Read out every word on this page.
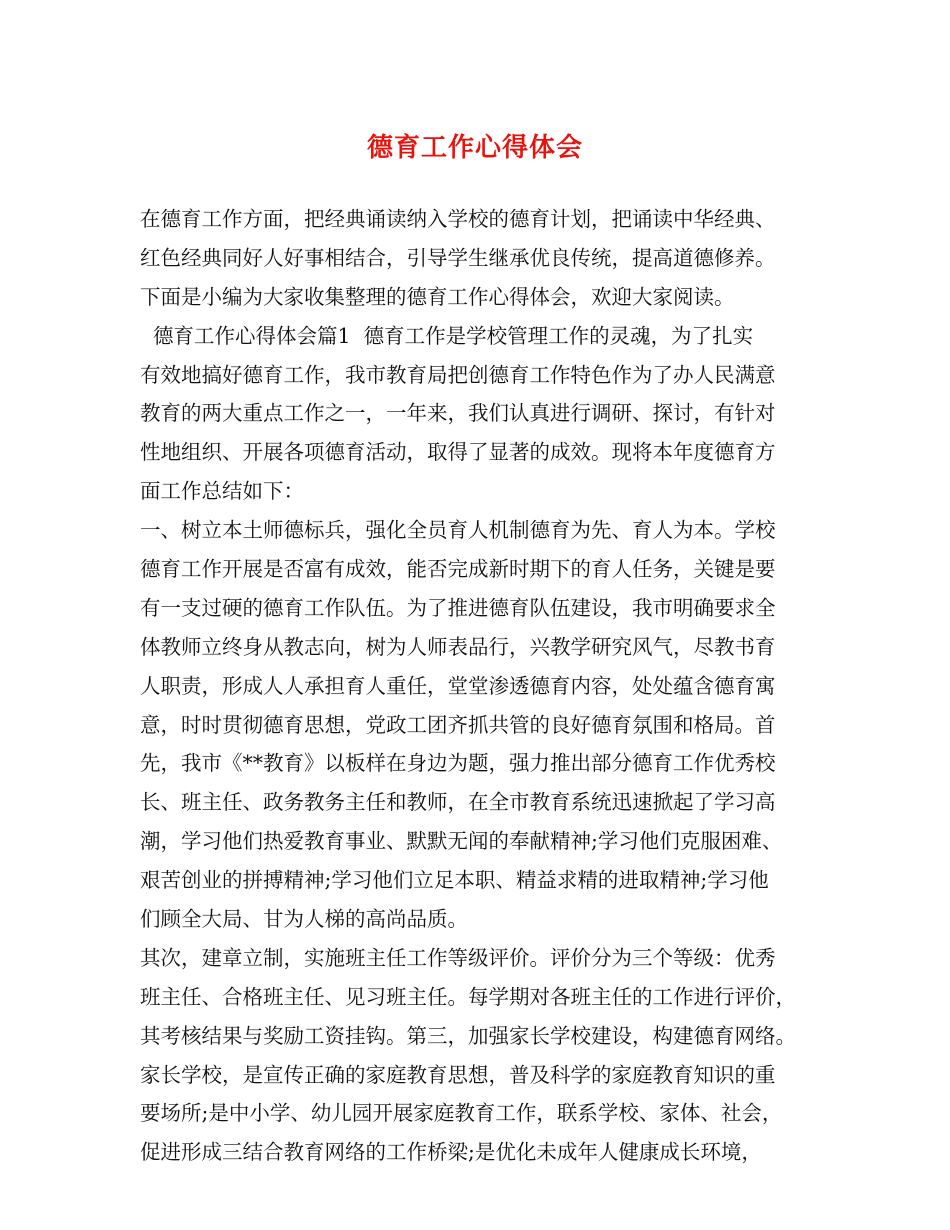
德育工作心得体会
在德育工作方面，把经典诵读纳入学校的德育计划，把诵读中华经典、
红色经典同好人好事相结合，引导学生继承优良传统，提高道德修养。
下面是小编为大家收集整理的德育工作心得体会，欢迎大家阅读。
德育工作心得体会篇1  德育工作是学校管理工作的灵魂，为了扎实
有效地搞好德育工作，我市教育局把创德育工作特色作为了办人民满意
教育的两大重点工作之一，一年来，我们认真进行调研、探讨，有针对
性地组织、开展各项德育活动，取得了显著的成效。现将本年度德育方
面工作总结如下：
一、树立本土师德标兵，强化全员育人机制德育为先、育人为本。学校
德育工作开展是否富有成效，能否完成新时期下的育人任务，关键是要
有一支过硬的德育工作队伍。为了推进德育队伍建设，我市明确要求全
体教师立终身从教志向，树为人师表品行，兴教学研究风气，尽教书育
人职责，形成人人承担育人重任，堂堂渗透德育内容，处处蕴含德育寓
意，时时贯彻德育思想，党政工团齐抓共管的良好德育氛围和格局。首
先，我市《**教育》以板样在身边为题，强力推出部分德育工作优秀校
长、班主任、政务教务主任和教师，在全市教育系统迅速掀起了学习高
潮，学习他们热爱教育事业、默默无闻的奉献精神;学习他们克服困难、
艰苦创业的拼搏精神;学习他们立足本职、精益求精的进取精神;学习他
们顾全大局、甘为人梯的高尚品质。
其次，建章立制，实施班主任工作等级评价。评价分为三个等级：优秀
班主任、合格班主任、见习班主任。每学期对各班主任的工作进行评价，
其考核结果与奖励工资挂钩。第三，加强家长学校建设，构建德育网络。
家长学校，是宣传正确的家庭教育思想，普及科学的家庭教育知识的重
要场所;是中小学、幼儿园开展家庭教育工作，联系学校、家体、社会，
促进形成三结合教育网络的工作桥梁;是优化未成年人健康成长环境，
